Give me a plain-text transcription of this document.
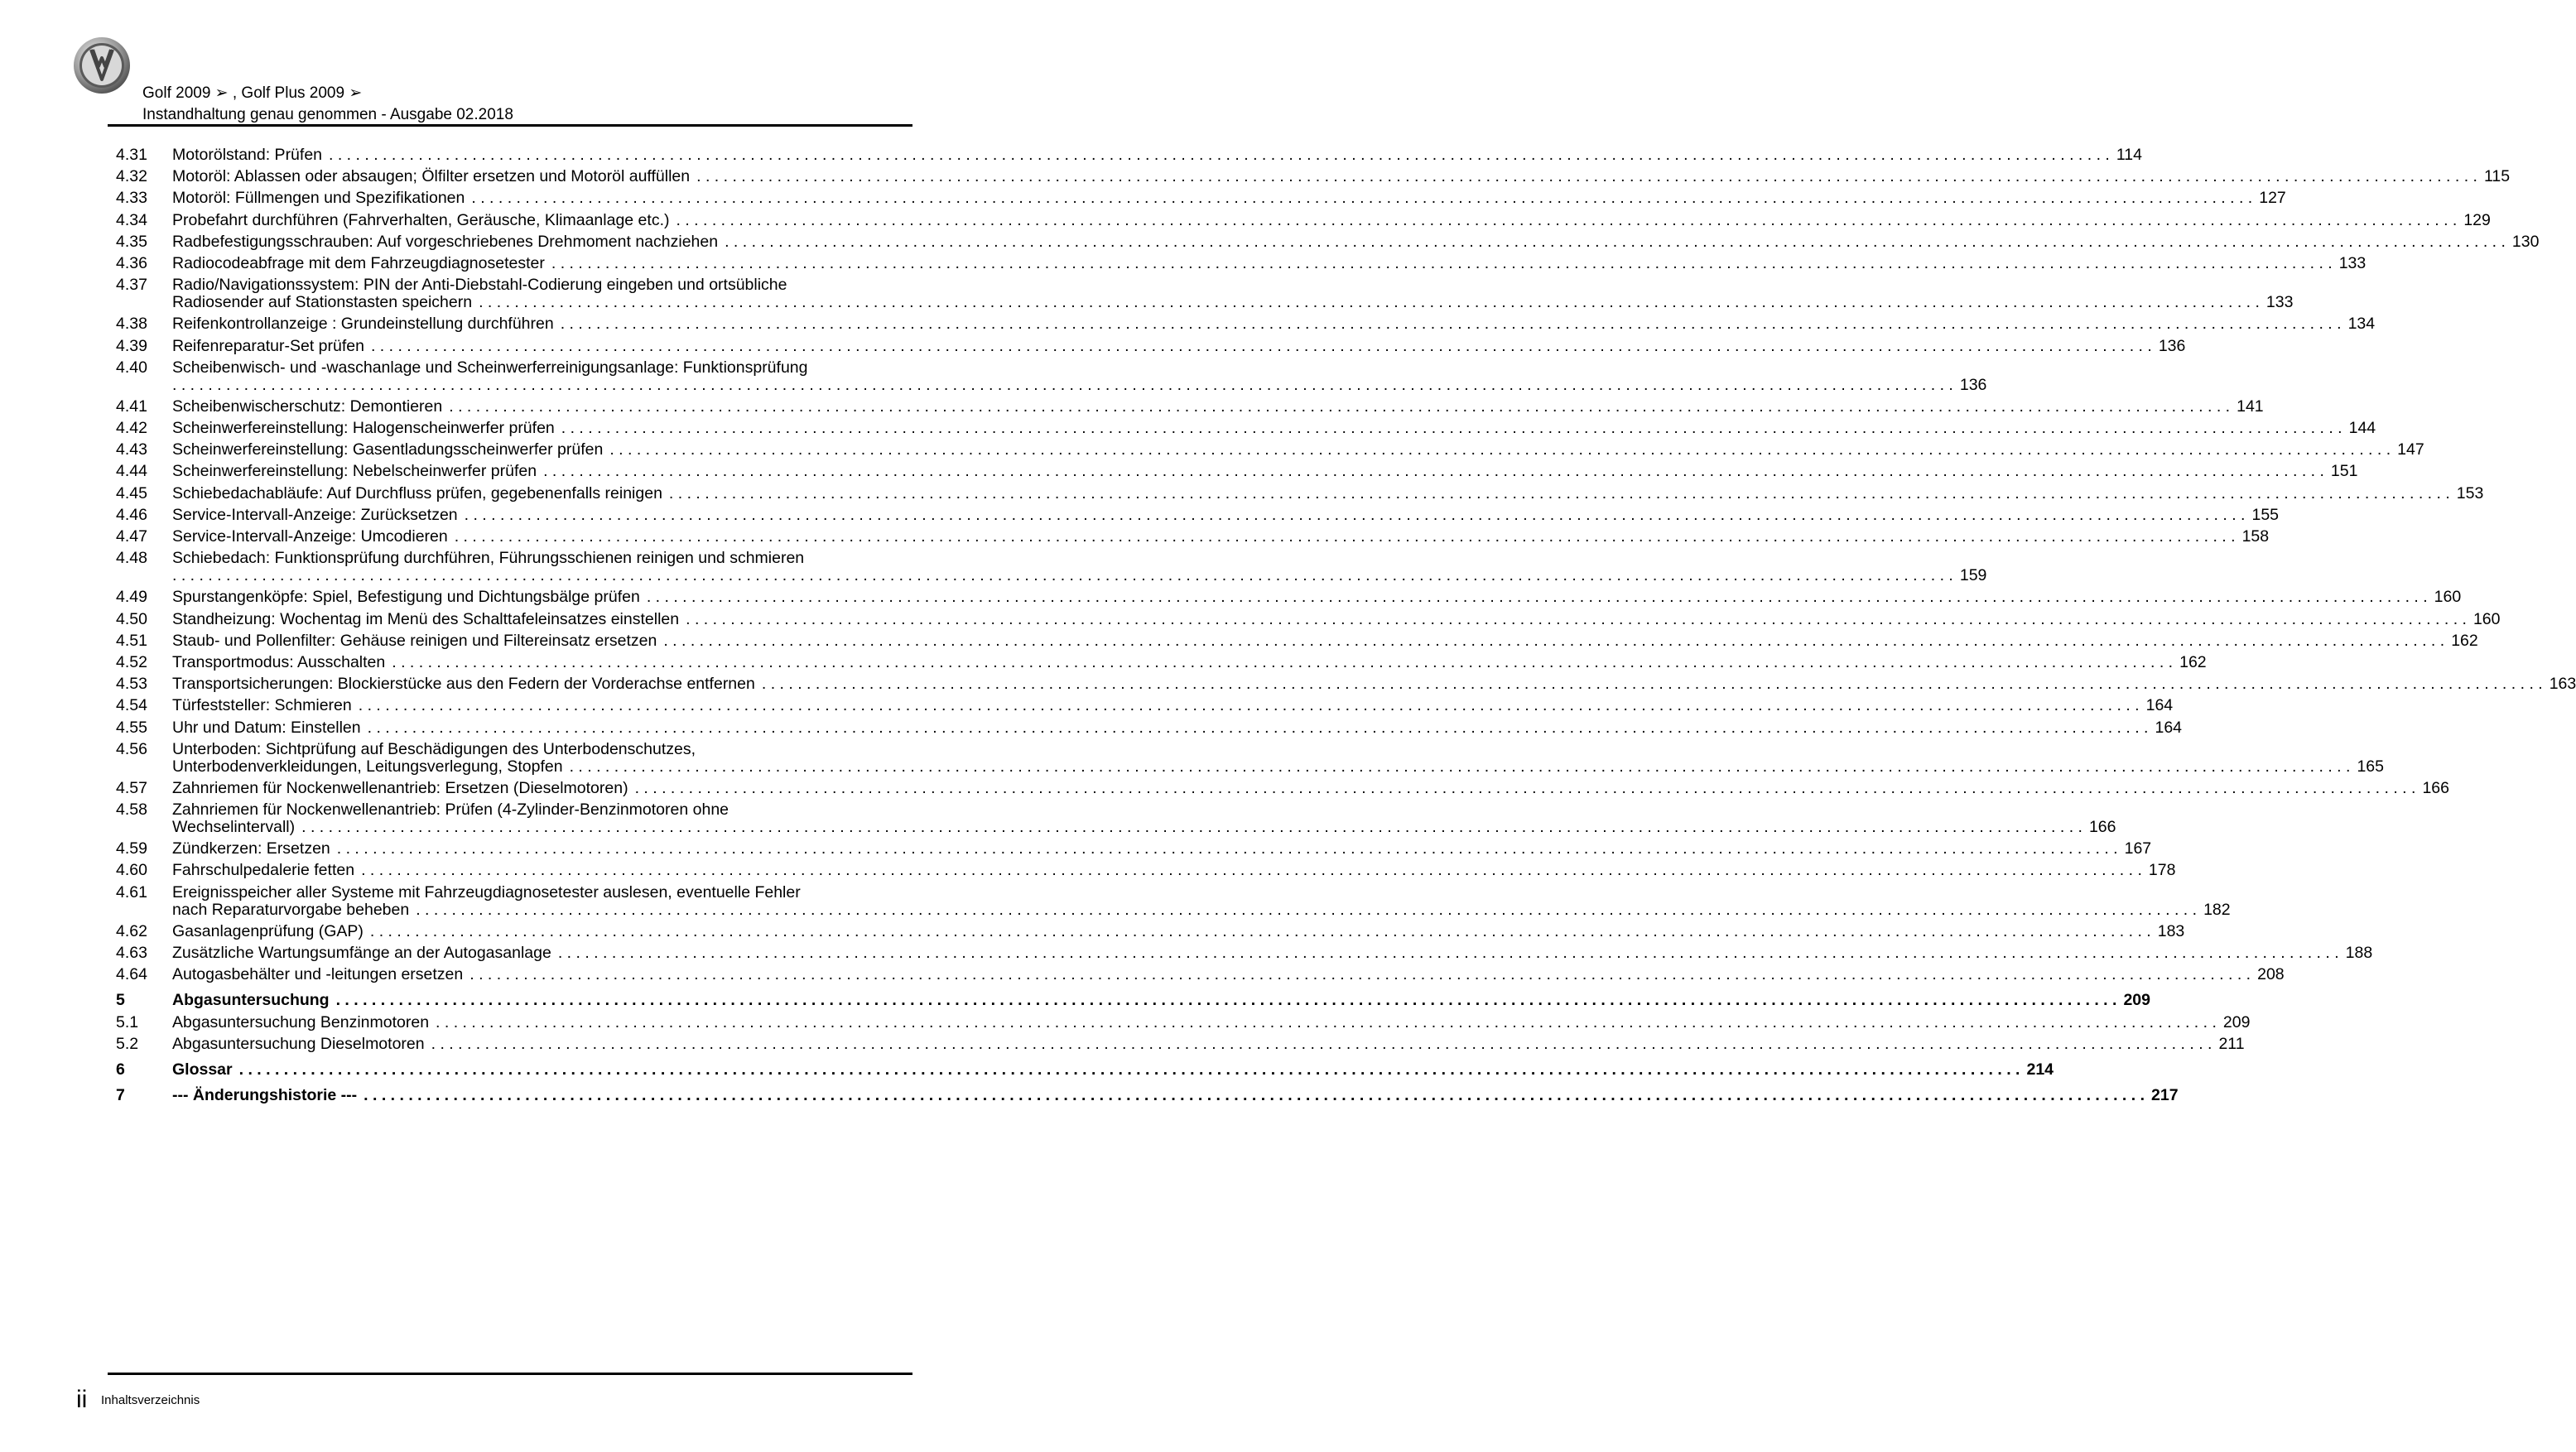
Golf 2009 ➢ , Golf Plus 2009 ➢
Instandhaltung genau genommen - Ausgabe 02.2018
4.31	Motorölstand: Prüfen . . . . . . . . . . . . . . . . . . . . . . . . . . . . . . . . . . . . . . . . . . . . . . . . . . . . . . . . . . . . . . . . . . . . . . . . . . . . . . . . . . . . . . . . . . . . . . . . . . . . . . . . . . . . . . . . . . . . . . . . . . . . . . . . . . . . . . . . . . . . . . . . . . . . . . . . . . . . . . . . . . . . . . . . . . . . . . . . . . . . . . . . . . . . . . . . . . . . . . . 114
4.32	Motoröl: Ablassen oder absaugen; Ölfilter ersetzen und Motoröl auffüllen . . . . . . . . . . . . . . . . . . . . . . . . . . . . . . . . . . . . . . . . . . . . . . . . . . . . . . . . . . . . . . . . . . . . . . . . . . . . . . . . . . . . . . . . . . . . . . . . . . . . . . . . . . . . . . . . . . . . . . . . . . . . . . . . . . . . . . . . . . . . . . . . . . . . . . . . . . . . . . . . . . . . . . . . . . . . . . . . . . . . . . . . . . . . . . . . . . . . . . . 115
4.33	Motoröl: Füllmengen und Spezifikationen . . . . . . . . . . . . . . . . . . . . . . . . . . . . . . . . . . . . . . . . . . . . . . . . . . . . . . . . . . . . . . . . . . . . . . . . . . . . . . . . . . . . . . . . . . . . . . . . . . . . . . . . . . . . . . . . . . . . . . . . . . . . . . . . . . . . . . . . . . . . . . . . . . . . . . . . . . . . . . . . . . . . . . . . . . . . . . . . . . . . . . . . . . . . . . . . . . . . . . . 127
4.34	Probefahrt durchführen (Fahrverhalten, Geräusche, Klimaanlage etc.) . . . . . . . . . . . . . . . . . . . . . . . . . . . . . . . . . . . . . . . . . . . . . . . . . . . . . . . . . . . . . . . . . . . . . . . . . . . . . . . . . . . . . . . . . . . . . . . . . . . . . . . . . . . . . . . . . . . . . . . . . . . . . . . . . . . . . . . . . . . . . . . . . . . . . . . . . . . . . . . . . . . . . . . . . . . . . . . . . . . . . . . . . . . . . . . . . . . . . . . 129
4.35	Radbefestigungsschrauben: Auf vorgeschriebenes Drehmoment nachziehen . . . . . . . . . . . . . . . . . . . . . . . . . . . . . . . . . . . . . . . . . . . . . . . . . . . . . . . . . . . . . . . . . . . . . . . . . . . . . . . . . . . . . . . . . . . . . . . . . . . . . . . . . . . . . . . . . . . . . . . . . . . . . . . . . . . . . . . . . . . . . . . . . . . . . . . . . . . . . . . . . . . . . . . . . . . . . . . . . . . . . . . . . . . . . . . . . . . . . . . 130
4.36	Radiocodeabfrage mit dem Fahrzeugdiagnosetester . . . . . . . . . . . . . . . . . . . . . . . . . . . . . . . . . . . . . . . . . . . . . . . . . . . . . . . . . . . . . . . . . . . . . . . . . . . . . . . . . . . . . . . . . . . . . . . . . . . . . . . . . . . . . . . . . . . . . . . . . . . . . . . . . . . . . . . . . . . . . . . . . . . . . . . . . . . . . . . . . . . . . . . . . . . . . . . . . . . . . . . . . . . . . . . . . . . . . . . 133
4.37	Radio/Navigationssystem: PIN der Anti-Diebstahl-Codierung eingeben und ortsübliche
Radiosender auf Stationstasten speichern . . . . . . . . . . . . . . . . . . . . . . . . . . . . . . . . . . . . . . . . . . . . . . . . . . . . . . . . . . . . . . . . . . . . . . . . . . . . . . . . . . . . . . . . . . . . . . . . . . . . . . . . . . . . . . . . . . . . . . . . . . . . . . . . . . . . . . . . . . . . . . . . . . . . . . . . . . . . . . . . . . . . . . . . . . . . . . . . . . . . . . . . . . . . . . . . . . . . . . . 133
4.38	Reifenkontrollanzeige : Grundeinstellung durchführen . . . . . . . . . . . . . . . . . . . . . . . . . . . . . . . . . . . . . . . . . . . . . . . . . . . . . . . . . . . . . . . . . . . . . . . . . . . . . . . . . . . . . . . . . . . . . . . . . . . . . . . . . . . . . . . . . . . . . . . . . . . . . . . . . . . . . . . . . . . . . . . . . . . . . . . . . . . . . . . . . . . . . . . . . . . . . . . . . . . . . . . . . . . . . . . . . . . . . . . 134
4.39	Reifenreparatur-Set prüfen . . . . . . . . . . . . . . . . . . . . . . . . . . . . . . . . . . . . . . . . . . . . . . . . . . . . . . . . . . . . . . . . . . . . . . . . . . . . . . . . . . . . . . . . . . . . . . . . . . . . . . . . . . . . . . . . . . . . . . . . . . . . . . . . . . . . . . . . . . . . . . . . . . . . . . . . . . . . . . . . . . . . . . . . . . . . . . . . . . . . . . . . . . . . . . . . . . . . . . . 136
4.40	Scheibenwisch- und -waschanlage und Scheinwerferreinigungsanlage: Funktionsprüfung
. . . . . . . . . . . . . . . . . . . . . . . . . . . . . . . . . . . . . . . . . . . . . . . . . . . . . . . . . . . . . . . . . . . . . . . . . . . . . . . . . . . . . . . . . . . . . . . . . . . . . . . . . . . . . . . . . . . . . . . . . . . . . . . . . . . . . . . . . . . . . . . . . . . . . . . . . . . . . . . . . . . . . . . . . . . . . . . . . . . . . . . . . . . . . . . . . . . . . . . 136
4.41	Scheibenwischerschutz: Demontieren . . . . . . . . . . . . . . . . . . . . . . . . . . . . . . . . . . . . . . . . . . . . . . . . . . . . . . . . . . . . . . . . . . . . . . . . . . . . . . . . . . . . . . . . . . . . . . . . . . . . . . . . . . . . . . . . . . . . . . . . . . . . . . . . . . . . . . . . . . . . . . . . . . . . . . . . . . . . . . . . . . . . . . . . . . . . . . . . . . . . . . . . . . . . . . . . . . . . . . . 141
4.42	Scheinwerfereinstellung: Halogenscheinwerfer prüfen . . . . . . . . . . . . . . . . . . . . . . . . . . . . . . . . . . . . . . . . . . . . . . . . . . . . . . . . . . . . . . . . . . . . . . . . . . . . . . . . . . . . . . . . . . . . . . . . . . . . . . . . . . . . . . . . . . . . . . . . . . . . . . . . . . . . . . . . . . . . . . . . . . . . . . . . . . . . . . . . . . . . . . . . . . . . . . . . . . . . . . . . . . . . . . . . . . . . . . . 144
4.43	Scheinwerfereinstellung: Gasentladungsscheinwerfer prüfen . . . . . . . . . . . . . . . . . . . . . . . . . . . . . . . . . . . . . . . . . . . . . . . . . . . . . . . . . . . . . . . . . . . . . . . . . . . . . . . . . . . . . . . . . . . . . . . . . . . . . . . . . . . . . . . . . . . . . . . . . . . . . . . . . . . . . . . . . . . . . . . . . . . . . . . . . . . . . . . . . . . . . . . . . . . . . . . . . . . . . . . . . . . . . . . . . . . . . . . 147
4.44	Scheinwerfereinstellung: Nebelscheinwerfer prüfen . . . . . . . . . . . . . . . . . . . . . . . . . . . . . . . . . . . . . . . . . . . . . . . . . . . . . . . . . . . . . . . . . . . . . . . . . . . . . . . . . . . . . . . . . . . . . . . . . . . . . . . . . . . . . . . . . . . . . . . . . . . . . . . . . . . . . . . . . . . . . . . . . . . . . . . . . . . . . . . . . . . . . . . . . . . . . . . . . . . . . . . . . . . . . . . . . . . . . . . 151
4.45	Schiebedachabläufe: Auf Durchfluss prüfen, gegebenenfalls reinigen . . . . . . . . . . . . . . . . . . . . . . . . . . . . . . . . . . . . . . . . . . . . . . . . . . . . . . . . . . . . . . . . . . . . . . . . . . . . . . . . . . . . . . . . . . . . . . . . . . . . . . . . . . . . . . . . . . . . . . . . . . . . . . . . . . . . . . . . . . . . . . . . . . . . . . . . . . . . . . . . . . . . . . . . . . . . . . . . . . . . . . . . . . . . . . . . . . . . . . . 153
4.46	Service-Intervall-Anzeige: Zurücksetzen . . . . . . . . . . . . . . . . . . . . . . . . . . . . . . . . . . . . . . . . . . . . . . . . . . . . . . . . . . . . . . . . . . . . . . . . . . . . . . . . . . . . . . . . . . . . . . . . . . . . . . . . . . . . . . . . . . . . . . . . . . . . . . . . . . . . . . . . . . . . . . . . . . . . . . . . . . . . . . . . . . . . . . . . . . . . . . . . . . . . . . . . . . . . . . . . . . . . . . . 155
4.47	Service-Intervall-Anzeige: Umcodieren . . . . . . . . . . . . . . . . . . . . . . . . . . . . . . . . . . . . . . . . . . . . . . . . . . . . . . . . . . . . . . . . . . . . . . . . . . . . . . . . . . . . . . . . . . . . . . . . . . . . . . . . . . . . . . . . . . . . . . . . . . . . . . . . . . . . . . . . . . . . . . . . . . . . . . . . . . . . . . . . . . . . . . . . . . . . . . . . . . . . . . . . . . . . . . . . . . . . . . . 158
4.48	Schiebedach: Funktionsprüfung durchführen, Führungsschienen reinigen und schmieren
. . . . . . . . . . . . . . . . . . . . . . . . . . . . . . . . . . . . . . . . . . . . . . . . . . . . . . . . . . . . . . . . . . . . . . . . . . . . . . . . . . . . . . . . . . . . . . . . . . . . . . . . . . . . . . . . . . . . . . . . . . . . . . . . . . . . . . . . . . . . . . . . . . . . . . . . . . . . . . . . . . . . . . . . . . . . . . . . . . . . . . . . . . . . . . . . . . . . . . . 159
4.49	Spurstangenköpfe: Spiel, Befestigung und Dichtungsbälge prüfen . . . . . . . . . . . . . . . . . . . . . . . . . . . . . . . . . . . . . . . . . . . . . . . . . . . . . . . . . . . . . . . . . . . . . . . . . . . . . . . . . . . . . . . . . . . . . . . . . . . . . . . . . . . . . . . . . . . . . . . . . . . . . . . . . . . . . . . . . . . . . . . . . . . . . . . . . . . . . . . . . . . . . . . . . . . . . . . . . . . . . . . . . . . . . . . . . . . . . . . 160
4.50	Standheizung: Wochentag im Menü des Schalttafeleinsatzes einstellen . . . . . . . . . . . . . . . . . . . . . . . . . . . . . . . . . . . . . . . . . . . . . . . . . . . . . . . . . . . . . . . . . . . . . . . . . . . . . . . . . . . . . . . . . . . . . . . . . . . . . . . . . . . . . . . . . . . . . . . . . . . . . . . . . . . . . . . . . . . . . . . . . . . . . . . . . . . . . . . . . . . . . . . . . . . . . . . . . . . . . . . . . . . . . . . . . . . . . . . 160
4.51	Staub- und Pollenfilter: Gehäuse reinigen und Filtereinsatz ersetzen . . . . . . . . . . . . . . . . . . . . . . . . . . . . . . . . . . . . . . . . . . . . . . . . . . . . . . . . . . . . . . . . . . . . . . . . . . . . . . . . . . . . . . . . . . . . . . . . . . . . . . . . . . . . . . . . . . . . . . . . . . . . . . . . . . . . . . . . . . . . . . . . . . . . . . . . . . . . . . . . . . . . . . . . . . . . . . . . . . . . . . . . . . . . . . . . . . . . . . . 162
4.52	Transportmodus: Ausschalten . . . . . . . . . . . . . . . . . . . . . . . . . . . . . . . . . . . . . . . . . . . . . . . . . . . . . . . . . . . . . . . . . . . . . . . . . . . . . . . . . . . . . . . . . . . . . . . . . . . . . . . . . . . . . . . . . . . . . . . . . . . . . . . . . . . . . . . . . . . . . . . . . . . . . . . . . . . . . . . . . . . . . . . . . . . . . . . . . . . . . . . . . . . . . . . . . . . . . . . 162
4.53	Transportsicherungen: Blockierstücke aus den Federn der Vorderachse entfernen . . . . . . . . . . . . . . . . . . . . . . . . . . . . . . . . . . . . . . . . . . . . . . . . . . . . . . . . . . . . . . . . . . . . . . . . . . . . . . . . . . . . . . . . . . . . . . . . . . . . . . . . . . . . . . . . . . . . . . . . . . . . . . . . . . . . . . . . . . . . . . . . . . . . . . . . . . . . . . . . . . . . . . . . . . . . . . . . . . . . . . . . . . . . . . . . . . . . . . . 163
4.54	Türfeststeller: Schmieren . . . . . . . . . . . . . . . . . . . . . . . . . . . . . . . . . . . . . . . . . . . . . . . . . . . . . . . . . . . . . . . . . . . . . . . . . . . . . . . . . . . . . . . . . . . . . . . . . . . . . . . . . . . . . . . . . . . . . . . . . . . . . . . . . . . . . . . . . . . . . . . . . . . . . . . . . . . . . . . . . . . . . . . . . . . . . . . . . . . . . . . . . . . . . . . . . . . . . . . 164
4.55	Uhr und Datum: Einstellen . . . . . . . . . . . . . . . . . . . . . . . . . . . . . . . . . . . . . . . . . . . . . . . . . . . . . . . . . . . . . . . . . . . . . . . . . . . . . . . . . . . . . . . . . . . . . . . . . . . . . . . . . . . . . . . . . . . . . . . . . . . . . . . . . . . . . . . . . . . . . . . . . . . . . . . . . . . . . . . . . . . . . . . . . . . . . . . . . . . . . . . . . . . . . . . . . . . . . . . 164
4.56	Unterboden: Sichtprüfung auf Beschädigungen des Unterbodenschutzes,
Unterbodenverkleidungen, Leitungsverlegung, Stopfen . . . . . . . . . . . . . . . . . . . . . . . . . . . . . . . . . . . . . . . . . . . . . . . . . . . . . . . . . . . . . . . . . . . . . . . . . . . . . . . . . . . . . . . . . . . . . . . . . . . . . . . . . . . . . . . . . . . . . . . . . . . . . . . . . . . . . . . . . . . . . . . . . . . . . . . . . . . . . . . . . . . . . . . . . . . . . . . . . . . . . . . . . . . . . . . . . . . . . . . 165
4.57	Zahnriemen für Nockenwellenantrieb: Ersetzen (Dieselmotoren) . . . . . . . . . . . . . . . . . . . . . . . . . . . . . . . . . . . . . . . . . . . . . . . . . . . . . . . . . . . . . . . . . . . . . . . . . . . . . . . . . . . . . . . . . . . . . . . . . . . . . . . . . . . . . . . . . . . . . . . . . . . . . . . . . . . . . . . . . . . . . . . . . . . . . . . . . . . . . . . . . . . . . . . . . . . . . . . . . . . . . . . . . . . . . . . . . . . . . . . 166
4.58	Zahnriemen für Nockenwellenantrieb: Prüfen (4-Zylinder-Benzinmotoren ohne
Wechselintervall) . . . . . . . . . . . . . . . . . . . . . . . . . . . . . . . . . . . . . . . . . . . . . . . . . . . . . . . . . . . . . . . . . . . . . . . . . . . . . . . . . . . . . . . . . . . . . . . . . . . . . . . . . . . . . . . . . . . . . . . . . . . . . . . . . . . . . . . . . . . . . . . . . . . . . . . . . . . . . . . . . . . . . . . . . . . . . . . . . . . . . . . . . . . . . . . . . . . . . . . 166
4.59	Zündkerzen: Ersetzen . . . . . . . . . . . . . . . . . . . . . . . . . . . . . . . . . . . . . . . . . . . . . . . . . . . . . . . . . . . . . . . . . . . . . . . . . . . . . . . . . . . . . . . . . . . . . . . . . . . . . . . . . . . . . . . . . . . . . . . . . . . . . . . . . . . . . . . . . . . . . . . . . . . . . . . . . . . . . . . . . . . . . . . . . . . . . . . . . . . . . . . . . . . . . . . . . . . . . . . 167
4.60	Fahrschulpedalerie fetten . . . . . . . . . . . . . . . . . . . . . . . . . . . . . . . . . . . . . . . . . . . . . . . . . . . . . . . . . . . . . . . . . . . . . . . . . . . . . . . . . . . . . . . . . . . . . . . . . . . . . . . . . . . . . . . . . . . . . . . . . . . . . . . . . . . . . . . . . . . . . . . . . . . . . . . . . . . . . . . . . . . . . . . . . . . . . . . . . . . . . . . . . . . . . . . . . . . . . . . 178
4.61	Ereignisspeicher aller Systeme mit Fahrzeugdiagnosetester auslesen, eventuelle Fehler
nach Reparaturvorgabe beheben . . . . . . . . . . . . . . . . . . . . . . . . . . . . . . . . . . . . . . . . . . . . . . . . . . . . . . . . . . . . . . . . . . . . . . . . . . . . . . . . . . . . . . . . . . . . . . . . . . . . . . . . . . . . . . . . . . . . . . . . . . . . . . . . . . . . . . . . . . . . . . . . . . . . . . . . . . . . . . . . . . . . . . . . . . . . . . . . . . . . . . . . . . . . . . . . . . . . . . . 182
4.62	Gasanlagenprüfung (GAP) . . . . . . . . . . . . . . . . . . . . . . . . . . . . . . . . . . . . . . . . . . . . . . . . . . . . . . . . . . . . . . . . . . . . . . . . . . . . . . . . . . . . . . . . . . . . . . . . . . . . . . . . . . . . . . . . . . . . . . . . . . . . . . . . . . . . . . . . . . . . . . . . . . . . . . . . . . . . . . . . . . . . . . . . . . . . . . . . . . . . . . . . . . . . . . . . . . . . . . . 183
4.63	Zusätzliche Wartungsumfänge an der Autogasanlage . . . . . . . . . . . . . . . . . . . . . . . . . . . . . . . . . . . . . . . . . . . . . . . . . . . . . . . . . . . . . . . . . . . . . . . . . . . . . . . . . . . . . . . . . . . . . . . . . . . . . . . . . . . . . . . . . . . . . . . . . . . . . . . . . . . . . . . . . . . . . . . . . . . . . . . . . . . . . . . . . . . . . . . . . . . . . . . . . . . . . . . . . . . . . . . . . . . . . . . 188
4.64	Autogasbehälter und -leitungen ersetzen . . . . . . . . . . . . . . . . . . . . . . . . . . . . . . . . . . . . . . . . . . . . . . . . . . . . . . . . . . . . . . . . . . . . . . . . . . . . . . . . . . . . . . . . . . . . . . . . . . . . . . . . . . . . . . . . . . . . . . . . . . . . . . . . . . . . . . . . . . . . . . . . . . . . . . . . . . . . . . . . . . . . . . . . . . . . . . . . . . . . . . . . . . . . . . . . . . . . . . . 208
5	Abgasuntersuchung . . . . . . . . . . . . . . . . . . . . . . . . . . . . . . . . . . . . . . . . . . . . . . . . . . . . . . . . . . . . . . . . . . . . . . . . . . . . . . . . . . . . . . . . . . . . . . . . . . . . . . . . . . . . . . . . . . . . . . . . . . . . . . . . . . . . . . . . . . . . . . . . . . . . . . . . . . . . . . . . . . . . . . . . . . . . . . . . . . . . . . . . . . . . . . . . . . . . . . . 209
5.1	Abgasuntersuchung Benzinmotoren . . . . . . . . . . . . . . . . . . . . . . . . . . . . . . . . . . . . . . . . . . . . . . . . . . . . . . . . . . . . . . . . . . . . . . . . . . . . . . . . . . . . . . . . . . . . . . . . . . . . . . . . . . . . . . . . . . . . . . . . . . . . . . . . . . . . . . . . . . . . . . . . . . . . . . . . . . . . . . . . . . . . . . . . . . . . . . . . . . . . . . . . . . . . . . . . . . . . . . . 209
5.2	Abgasuntersuchung Dieselmotoren . . . . . . . . . . . . . . . . . . . . . . . . . . . . . . . . . . . . . . . . . . . . . . . . . . . . . . . . . . . . . . . . . . . . . . . . . . . . . . . . . . . . . . . . . . . . . . . . . . . . . . . . . . . . . . . . . . . . . . . . . . . . . . . . . . . . . . . . . . . . . . . . . . . . . . . . . . . . . . . . . . . . . . . . . . . . . . . . . . . . . . . . . . . . . . . . . . . . . . . 211
6	Glossar . . . . . . . . . . . . . . . . . . . . . . . . . . . . . . . . . . . . . . . . . . . . . . . . . . . . . . . . . . . . . . . . . . . . . . . . . . . . . . . . . . . . . . . . . . . . . . . . . . . . . . . . . . . . . . . . . . . . . . . . . . . . . . . . . . . . . . . . . . . . . . . . . . . . . . . . . . . . . . . . . . . . . . . . . . . . . . . . . . . . . . . . . . . . . . . . . . . . . . . 214
7	--- Änderungshistorie --- . . . . . . . . . . . . . . . . . . . . . . . . . . . . . . . . . . . . . . . . . . . . . . . . . . . . . . . . . . . . . . . . . . . . . . . . . . . . . . . . . . . . . . . . . . . . . . . . . . . . . . . . . . . . . . . . . . . . . . . . . . . . . . . . . . . . . . . . . . . . . . . . . . . . . . . . . . . . . . . . . . . . . . . . . . . . . . . . . . . . . . . . . . . . . . . . . . . . . . . 217
ii Inhaltsverzeichnis
